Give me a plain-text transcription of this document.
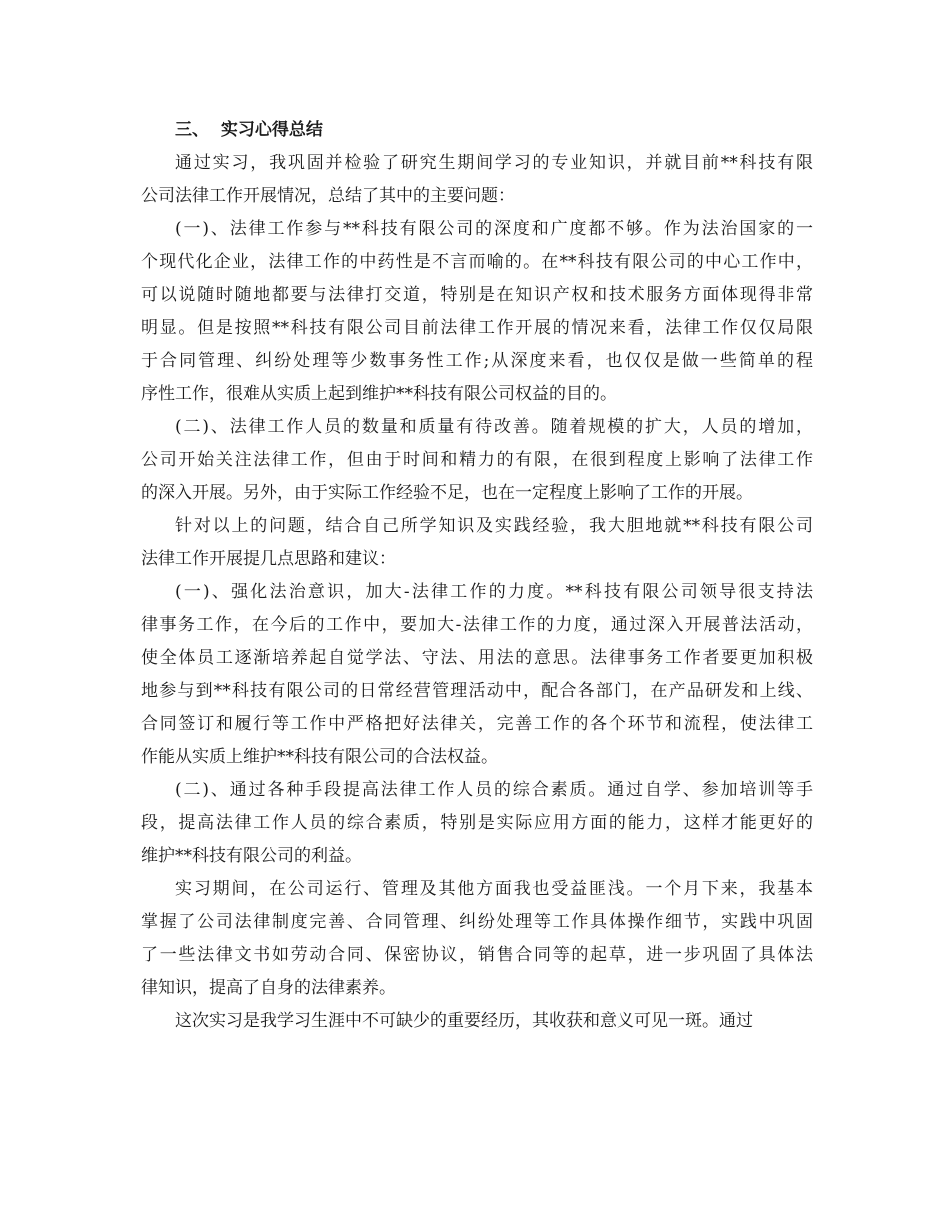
三、  实习心得总结

通过实习，我巩固并检验了研究生期间学习的专业知识，并就目前**科技有限
公司法律工作开展情况，总结了其中的主要问题：

(一)、法律工作参与**科技有限公司的深度和广度都不够。作为法治国家的一
个现代化企业，法律工作的中药性是不言而喻的。在**科技有限公司的中心工作中，
可以说随时随地都要与法律打交道，特别是在知识产权和技术服务方面体现得非常
明显。但是按照**科技有限公司目前法律工作开展的情况来看，法律工作仅仅局限
于合同管理、纠纷处理等少数事务性工作;从深度来看，也仅仅是做一些简单的程
序性工作，很难从实质上起到维护**科技有限公司权益的目的。

(二)、法律工作人员的数量和质量有待改善。随着规模的扩大，人员的增加，
公司开始关注法律工作，但由于时间和精力的有限，在很到程度上影响了法律工作
的深入开展。另外，由于实际工作经验不足，也在一定程度上影响了工作的开展。

针对以上的问题，结合自己所学知识及实践经验，我大胆地就**科技有限公司
法律工作开展提几点思路和建议：

(一)、强化法治意识，加大-法律工作的力度。**科技有限公司领导很支持法
律事务工作，在今后的工作中，要加大-法律工作的力度，通过深入开展普法活动，
使全体员工逐渐培养起自觉学法、守法、用法的意思。法律事务工作者要更加积极
地参与到**科技有限公司的日常经营管理活动中，配合各部门，在产品研发和上线、
合同签订和履行等工作中严格把好法律关，完善工作的各个环节和流程，使法律工
作能从实质上维护**科技有限公司的合法权益。

(二)、通过各种手段提高法律工作人员的综合素质。通过自学、参加培训等手
段，提高法律工作人员的综合素质，特别是实际应用方面的能力，这样才能更好的
维护**科技有限公司的利益。

实习期间，在公司运行、管理及其他方面我也受益匪浅。一个月下来，我基本
掌握了公司法律制度完善、合同管理、纠纷处理等工作具体操作细节，实践中巩固
了一些法律文书如劳动合同、保密协议，销售合同等的起草，进一步巩固了具体法
律知识，提高了自身的法律素养。

这次实习是我学习生涯中不可缺少的重要经历，其收获和意义可见一斑。通过
